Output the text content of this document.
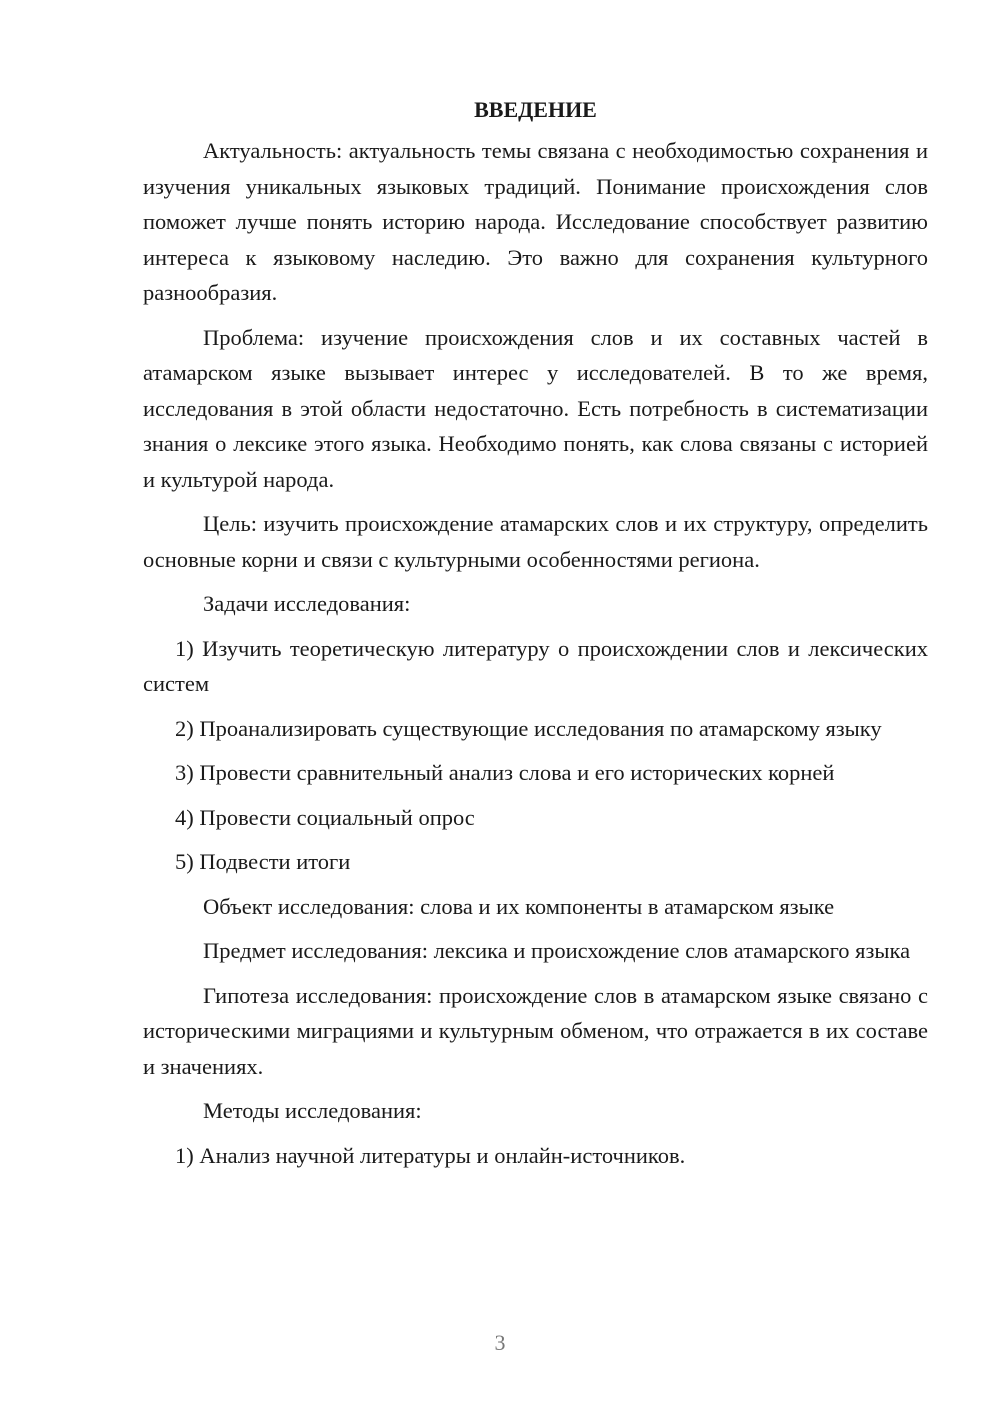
ВВЕДЕНИЕ
Актуальность: актуальность темы связана с необходимостью сохранения и изучения уникальных языковых традиций. Понимание происхождения слов поможет лучше понять историю народа. Исследование способствует развитию интереса к языковому наследию. Это важно для сохранения культурного разнообразия.
Проблема: изучение происхождения слов и их составных частей в атамарском языке вызывает интерес у исследователей. В то же время, исследования в этой области недостаточно. Есть потребность в систематизации знания о лексике этого языка. Необходимо понять, как слова связаны с историей и культурой народа.
Цель: изучить происхождение атамарских слов и их структуру, определить основные корни и связи с культурными особенностями региона.
Задачи исследования:
1) Изучить теоретическую литературу о происхождении слов и лексических систем
2) Проанализировать существующие исследования по атамарскому языку
3) Провести сравнительный анализ слова и его исторических корней
4) Провести социальный опрос
5) Подвести итоги
Объект исследования: слова и их компоненты в атамарском языке
Предмет исследования: лексика и происхождение слов атамарского языка
Гипотеза исследования: происхождение слов в атамарском языке связано с историческими миграциями и культурным обменом, что отражается в их составе и значениях.
Методы исследования:
1) Анализ научной литературы и онлайн-источников.
3
